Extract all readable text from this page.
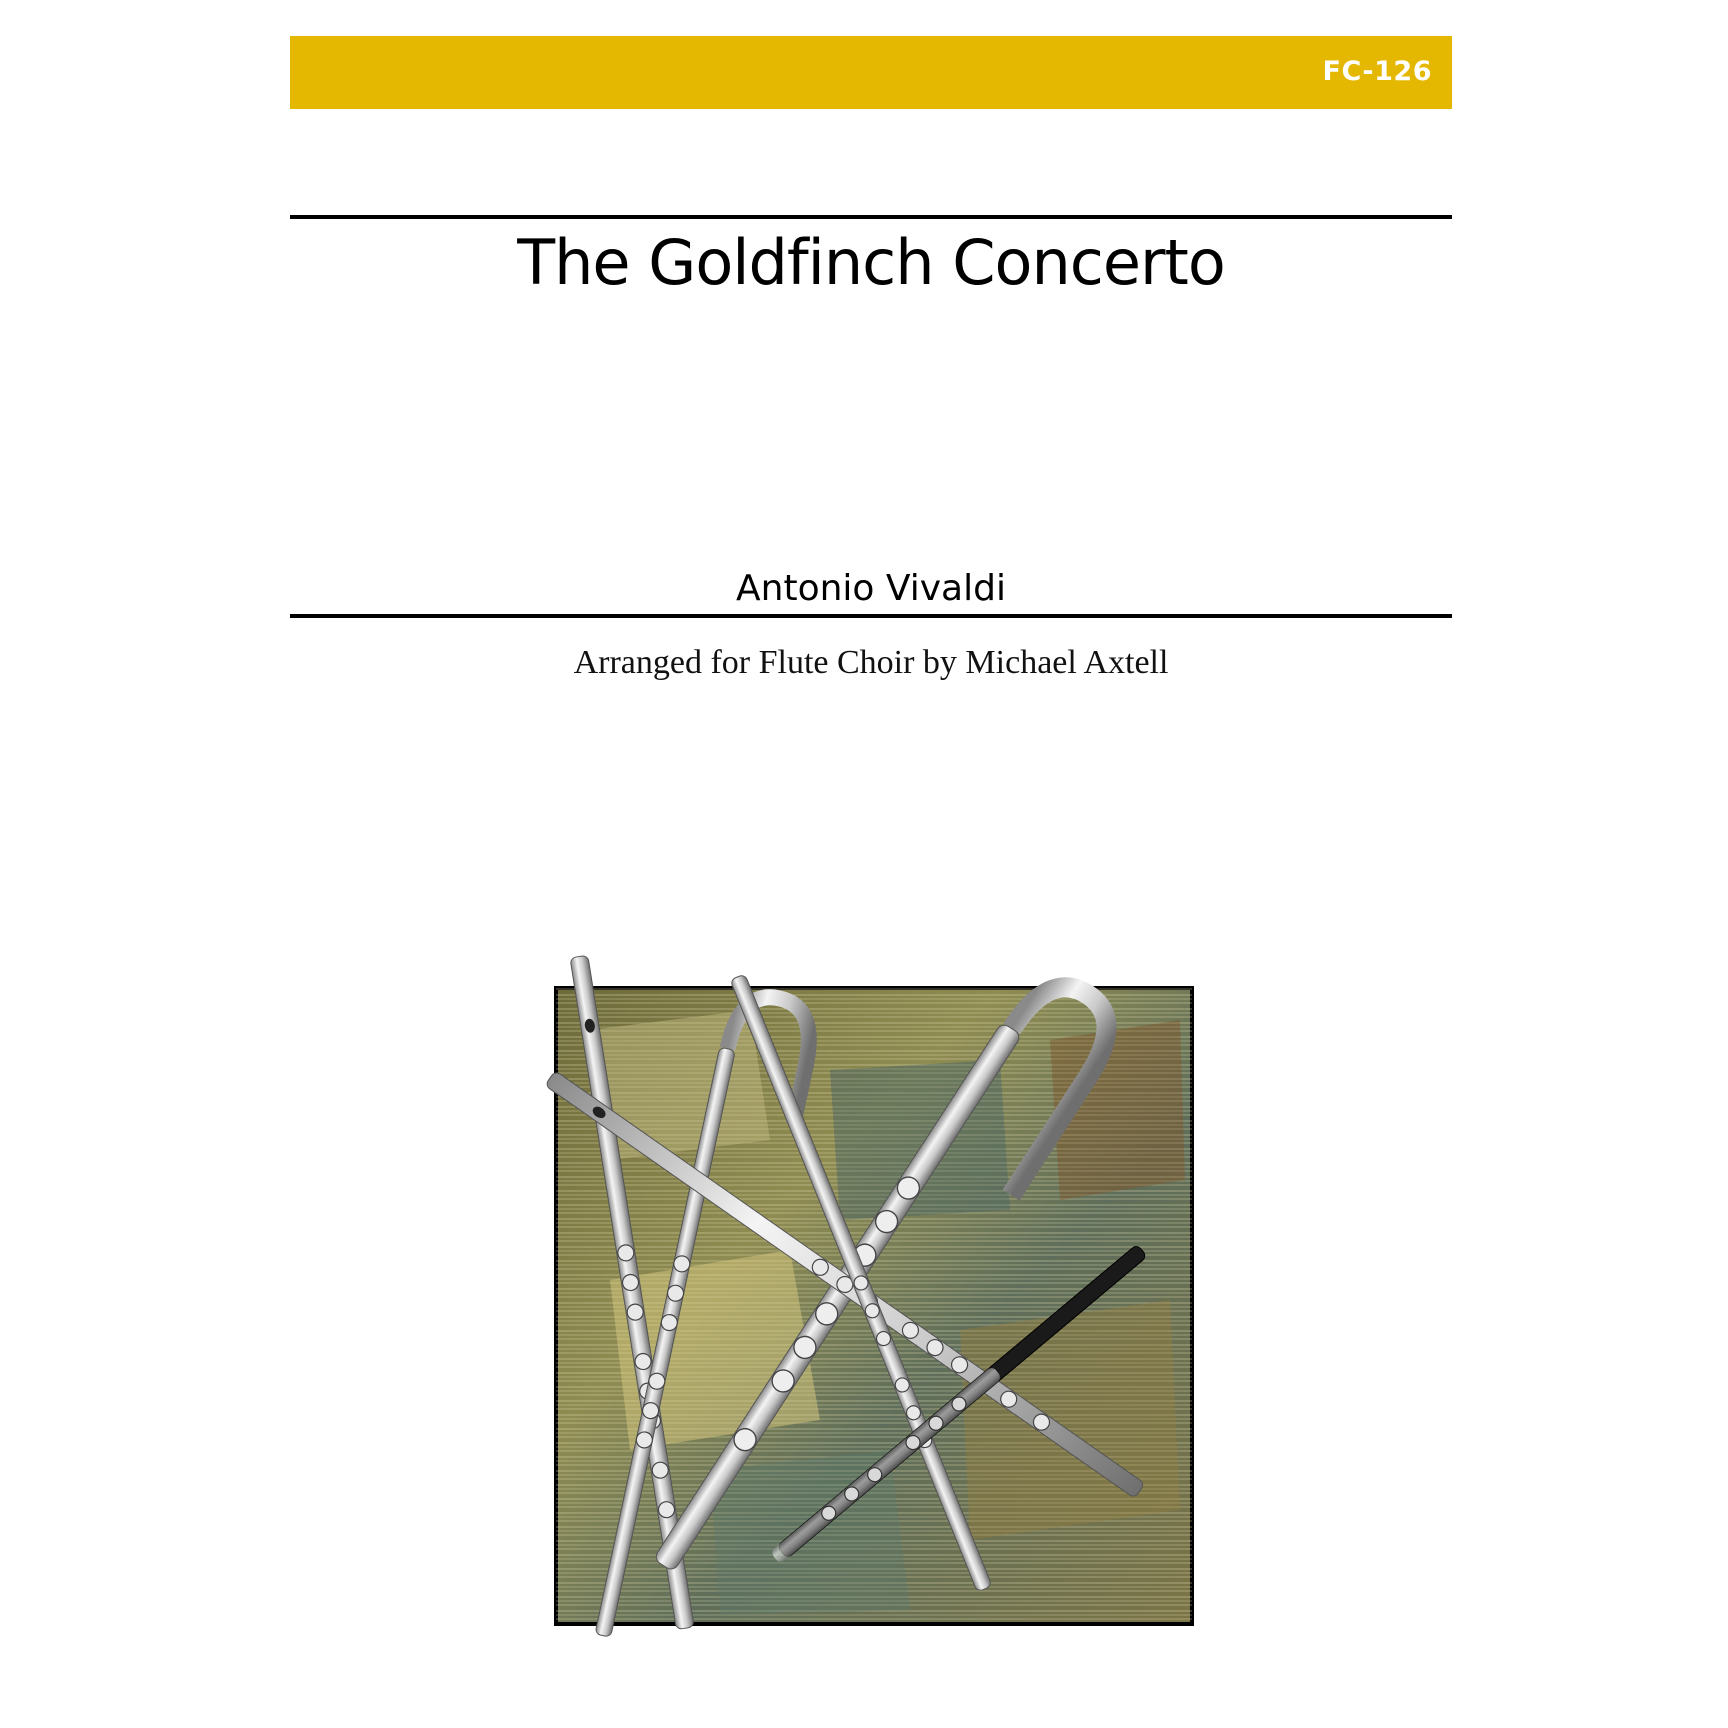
FC-126
The Goldfinch Concerto
Antonio Vivaldi
Arranged for Flute Choir by Michael Axtell
